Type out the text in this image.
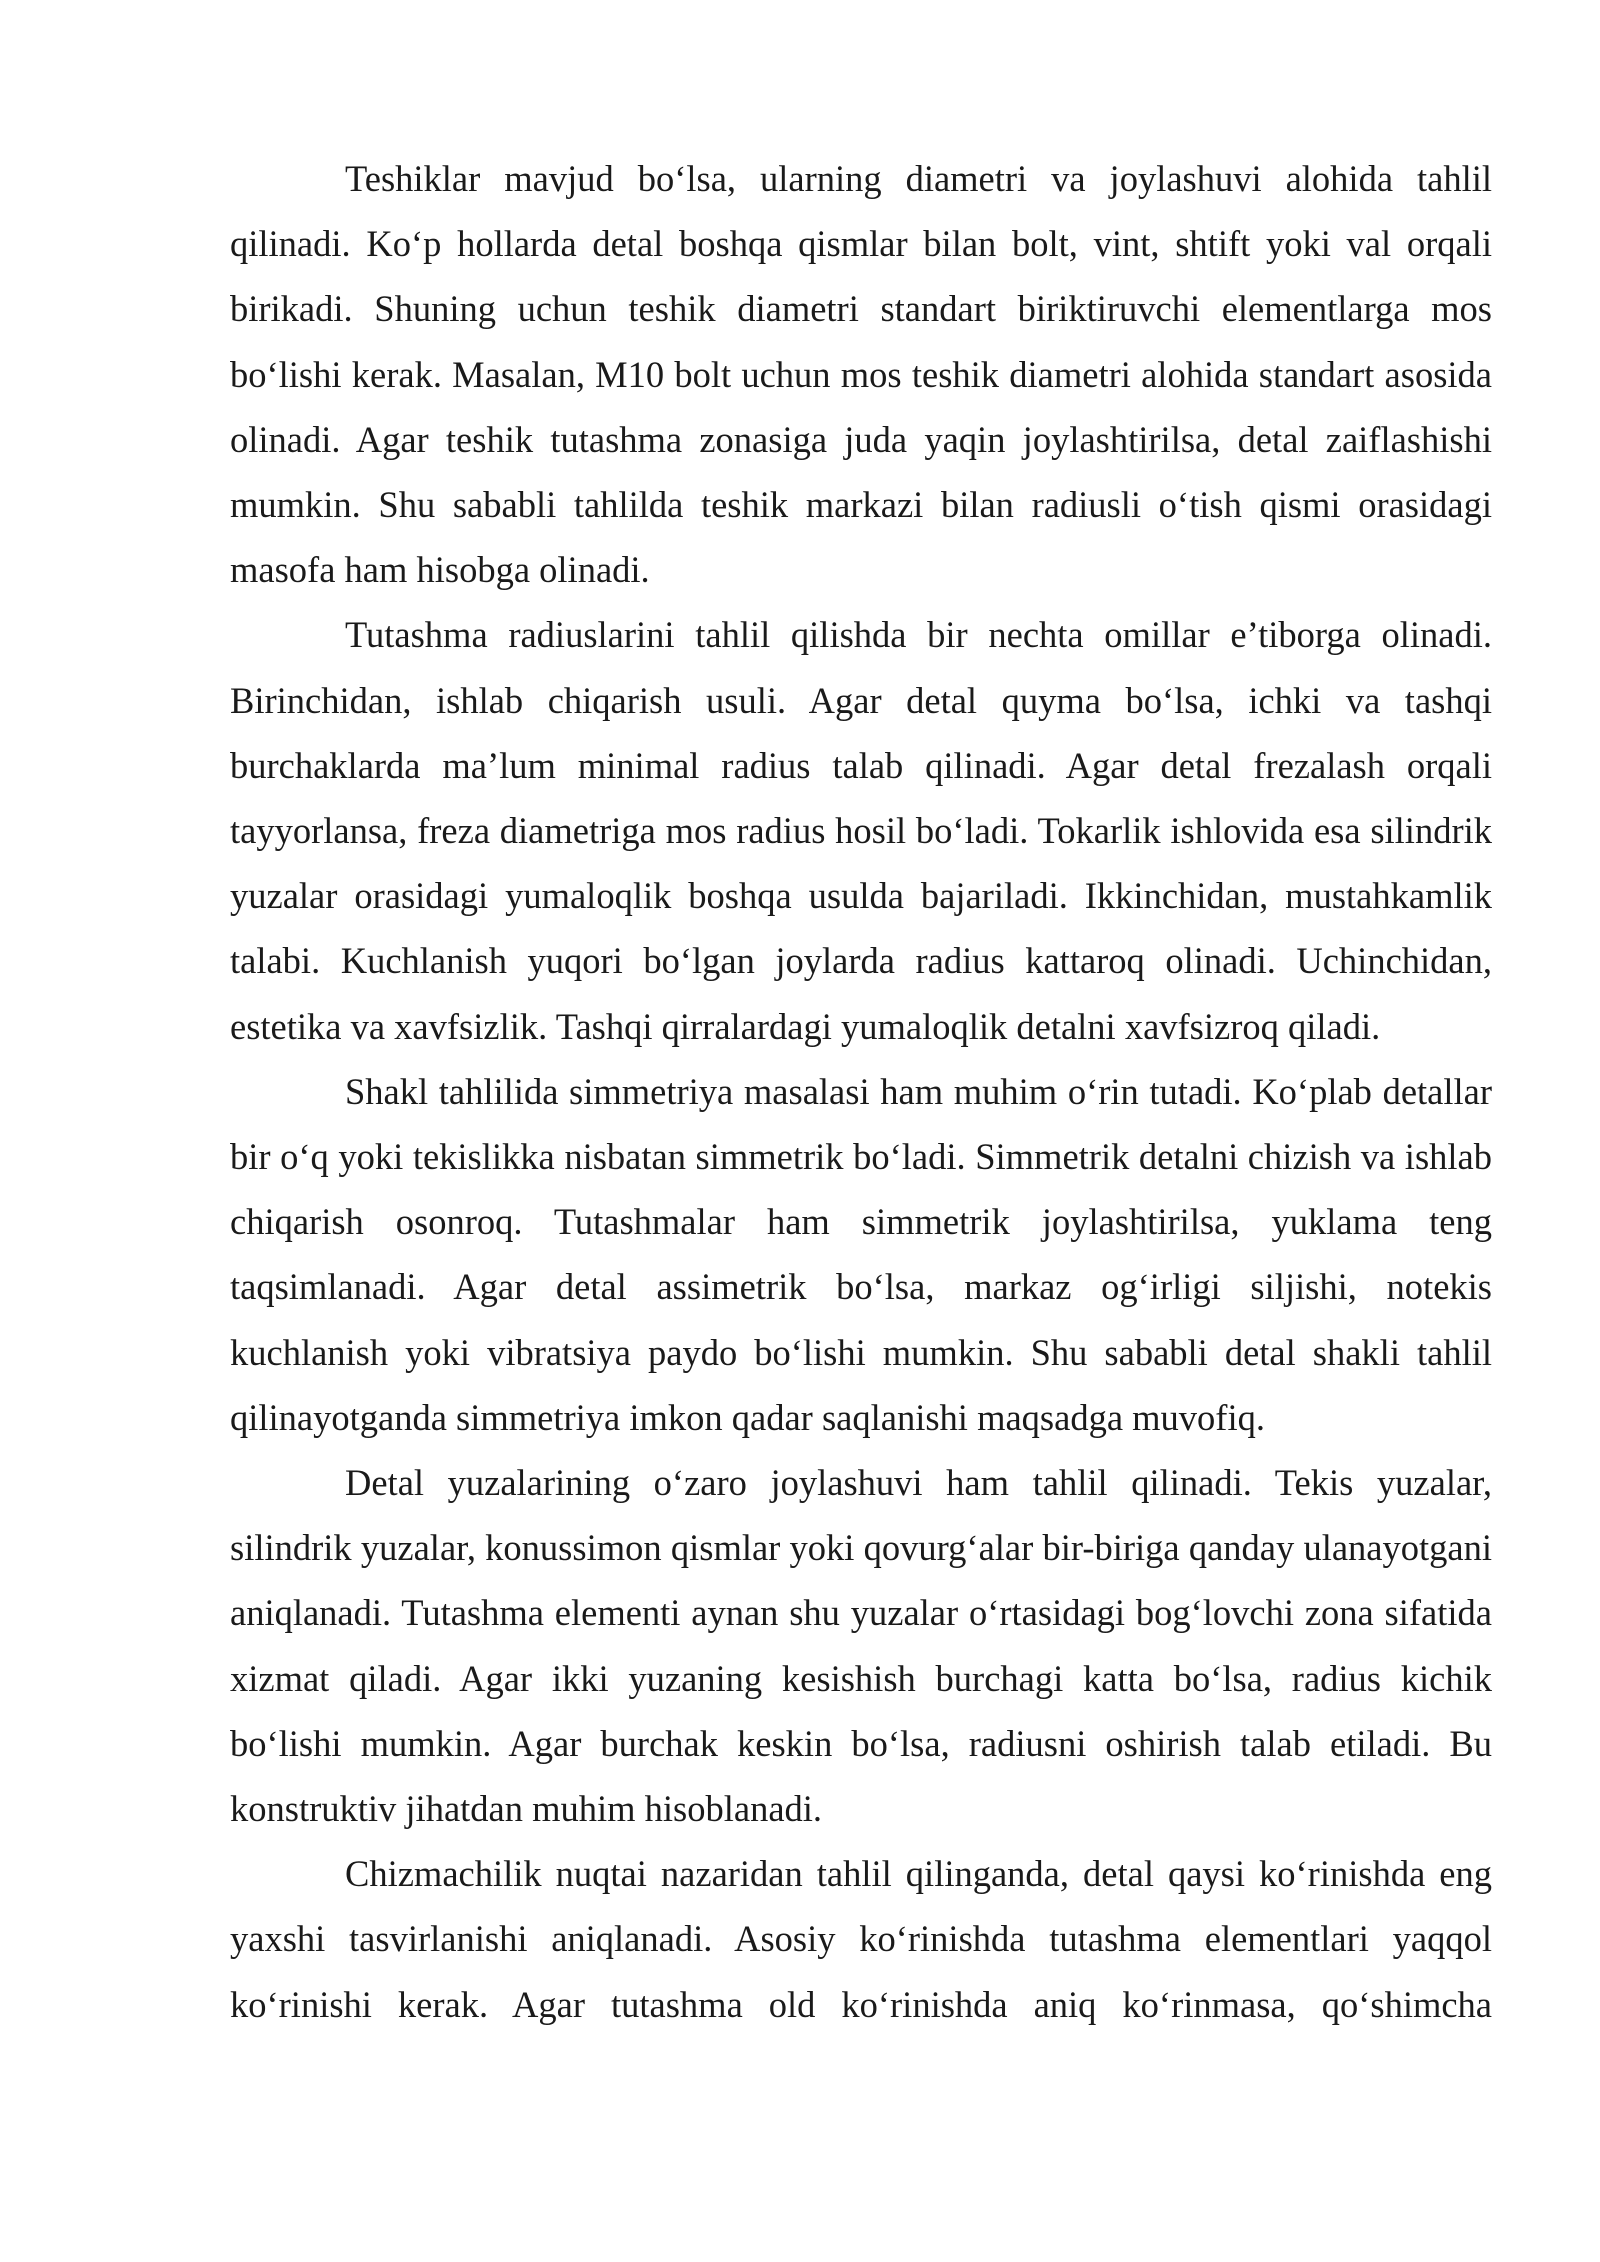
Teshiklar mavjud bo‘lsa, ularning diametri va joylashuvi alohida tahlil qilinadi. Ko‘p hollarda detal boshqa qismlar bilan bolt, vint, shtift yoki val orqali birikadi. Shuning uchun teshik diametri standart biriktiruvchi elementlarga mos bo‘lishi kerak. Masalan, M10 bolt uchun mos teshik diametri alohida standart asosida olinadi. Agar teshik tutashma zonasiga juda yaqin joylashtirilsa, detal zaiflashishi mumkin. Shu sababli tahlilda teshik markazi bilan radiusli o‘tish qismi orasidagi masofa ham hisobga olinadi.

Tutashma radiuslarini tahlil qilishda bir nechta omillar e’tiborga olinadi. Birinchidan, ishlab chiqarish usuli. Agar detal quyma bo‘lsa, ichki va tashqi burchaklarda ma’lum minimal radius talab qilinadi. Agar detal frezalash orqali tayyorlansa, freza diametriga mos radius hosil bo‘ladi. Tokarlik ishlovida esa silindrik yuzalar orasidagi yumaloqlik boshqa usulda bajariladi. Ikkinchidan, mustahkamlik talabi. Kuchlanish yuqori bo‘lgan joylarda radius kattaroq olinadi. Uchinchidan, estetika va xavfsizlik. Tashqi qirralardagi yumaloqlik detalni xavfsizroq qiladi.

Shakl tahlilida simmetriya masalasi ham muhim o‘rin tutadi. Ko‘plab detallar bir o‘q yoki tekislikka nisbatan simmetrik bo‘ladi. Simmetrik detalni chizish va ishlab chiqarish osonroq. Tutashmalar ham simmetrik joylashtirilsa, yuklama teng taqsimlanadi. Agar detal assimetrik bo‘lsa, markaz og‘irligi siljishi, notekis kuchlanish yoki vibratsiya paydo bo‘lishi mumkin. Shu sababli detal shakli tahlil qilinayotganda simmetriya imkon qadar saqlanishi maqsadga muvofiq.

Detal yuzalarining o‘zaro joylashuvi ham tahlil qilinadi. Tekis yuzalar, silindrik yuzalar, konussimon qismlar yoki qovurg‘alar bir-biriga qanday ulanayotgani aniqlanadi. Tutashma elementi aynan shu yuzalar o‘rtasidagi bog‘lovchi zona sifatida xizmat qiladi. Agar ikki yuzaning kesishish burchagi katta bo‘lsa, radius kichik bo‘lishi mumkin. Agar burchak keskin bo‘lsa, radiusni oshirish talab etiladi. Bu konstruktiv jihatdan muhim hisoblanadi.

Chizmachilik nuqtai nazaridan tahlil qilinganda, detal qaysi ko‘rinishda eng yaxshi tasvirlanishi aniqlanadi. Asosiy ko‘rinishda tutashma elementlari yaqqol ko‘rinishi kerak. Agar tutashma old ko‘rinishda aniq ko‘rinmasa, qo‘shimcha
